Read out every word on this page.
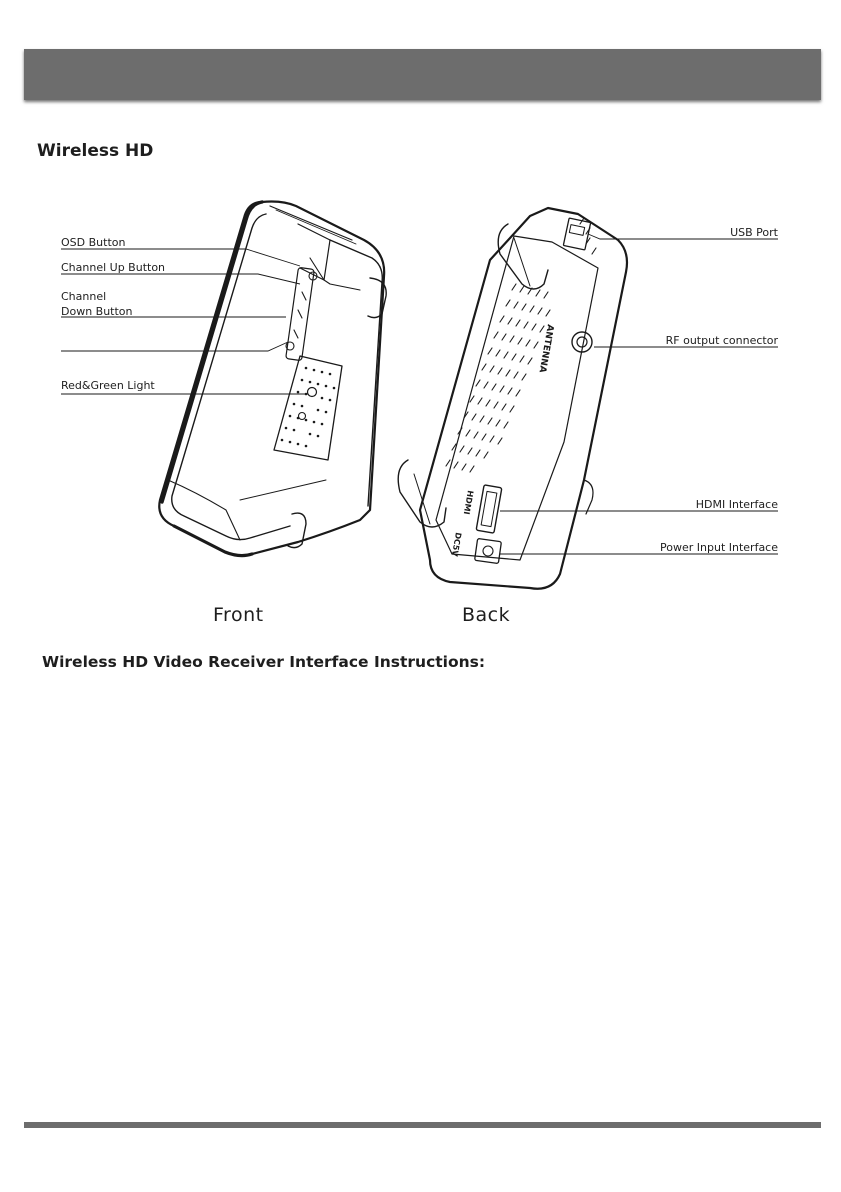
Wireless HD
ANTENNA
HDMI
DC5V
OSD Button
Channel Up Button
Channel
Down Button
Red&Green Light
USB Port
RF output connector
HDMI Interface
Power Input Interface
Front	Back
Wireless HD Video Receiver Interface Instructions:
